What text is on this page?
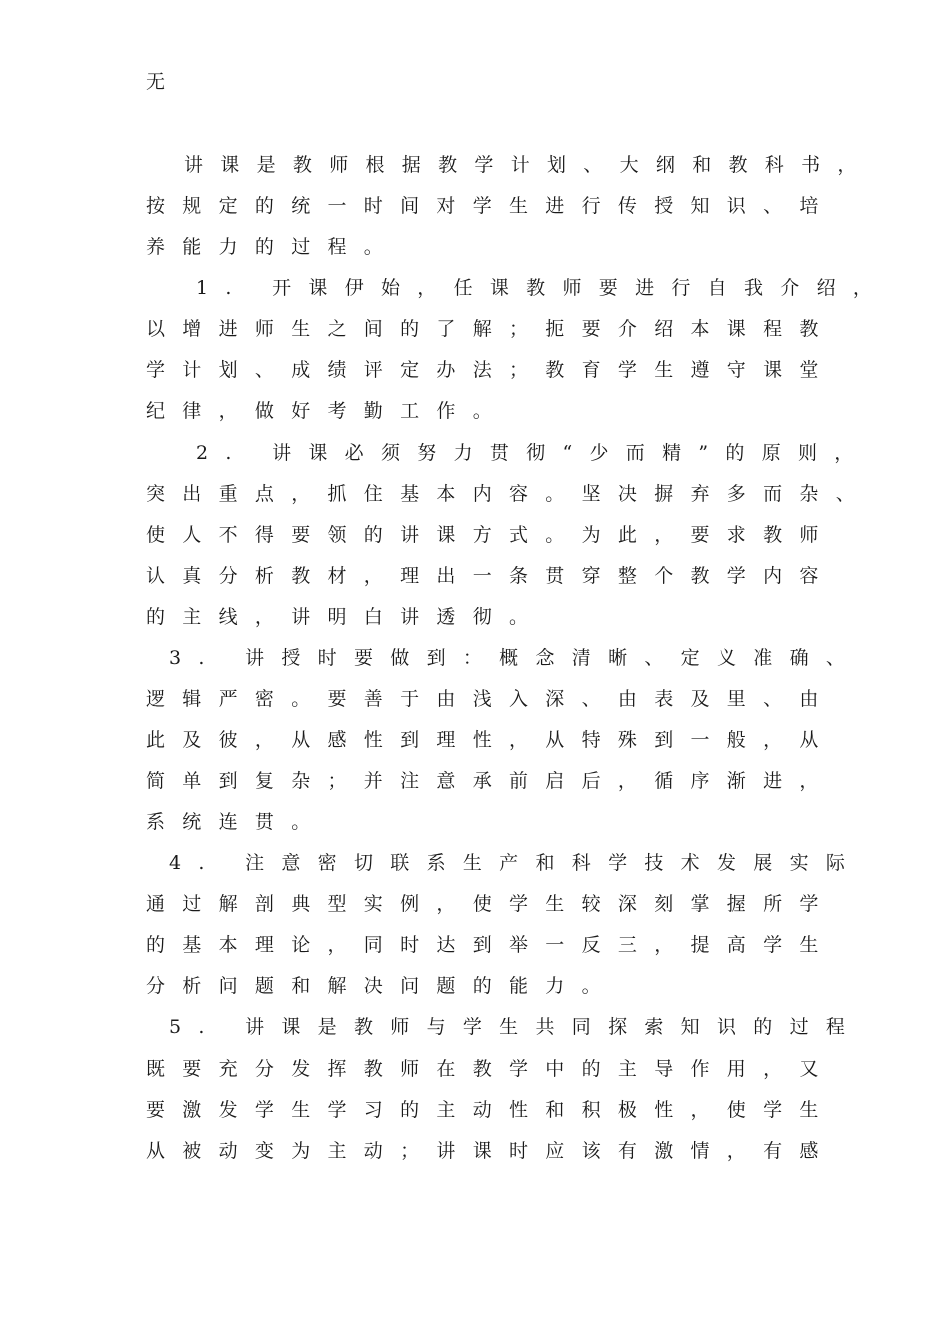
无
讲课是教师根据教学计划、大纲和教科书，
按规定的统一时间对学生进行传授知识、培
养能力的过程。
1. 开课伊始，任课教师要进行自我介绍，
以增进师生之间的了解；扼要介绍本课程教
学计划、成绩评定办法；教育学生遵守课堂
纪律，做好考勤工作。
2. 讲课必须努力贯彻“少而精”的原则，
突出重点，抓住基本内容。坚决摒弃多而杂、
使人不得要领的讲课方式。为此，要求教师
认真分析教材，理出一条贯穿整个教学内容
的主线，讲明白讲透彻。
3. 讲授时要做到：概念清晰、定义准确、
逻辑严密。要善于由浅入深、由表及里、由
此及彼，从感性到理性，从特殊到一般，从
简单到复杂；并注意承前启后，循序渐进，
系统连贯。
4. 注意密切联系生产和科学技术发展实际
通过解剖典型实例，使学生较深刻掌握所学
的基本理论，同时达到举一反三，提高学生
分析问题和解决问题的能力。
5. 讲课是教师与学生共同探索知识的过程
既要充分发挥教师在教学中的主导作用，又
要激发学生学习的主动性和积极性，使学生
从被动变为主动；讲课时应该有激情，有感
